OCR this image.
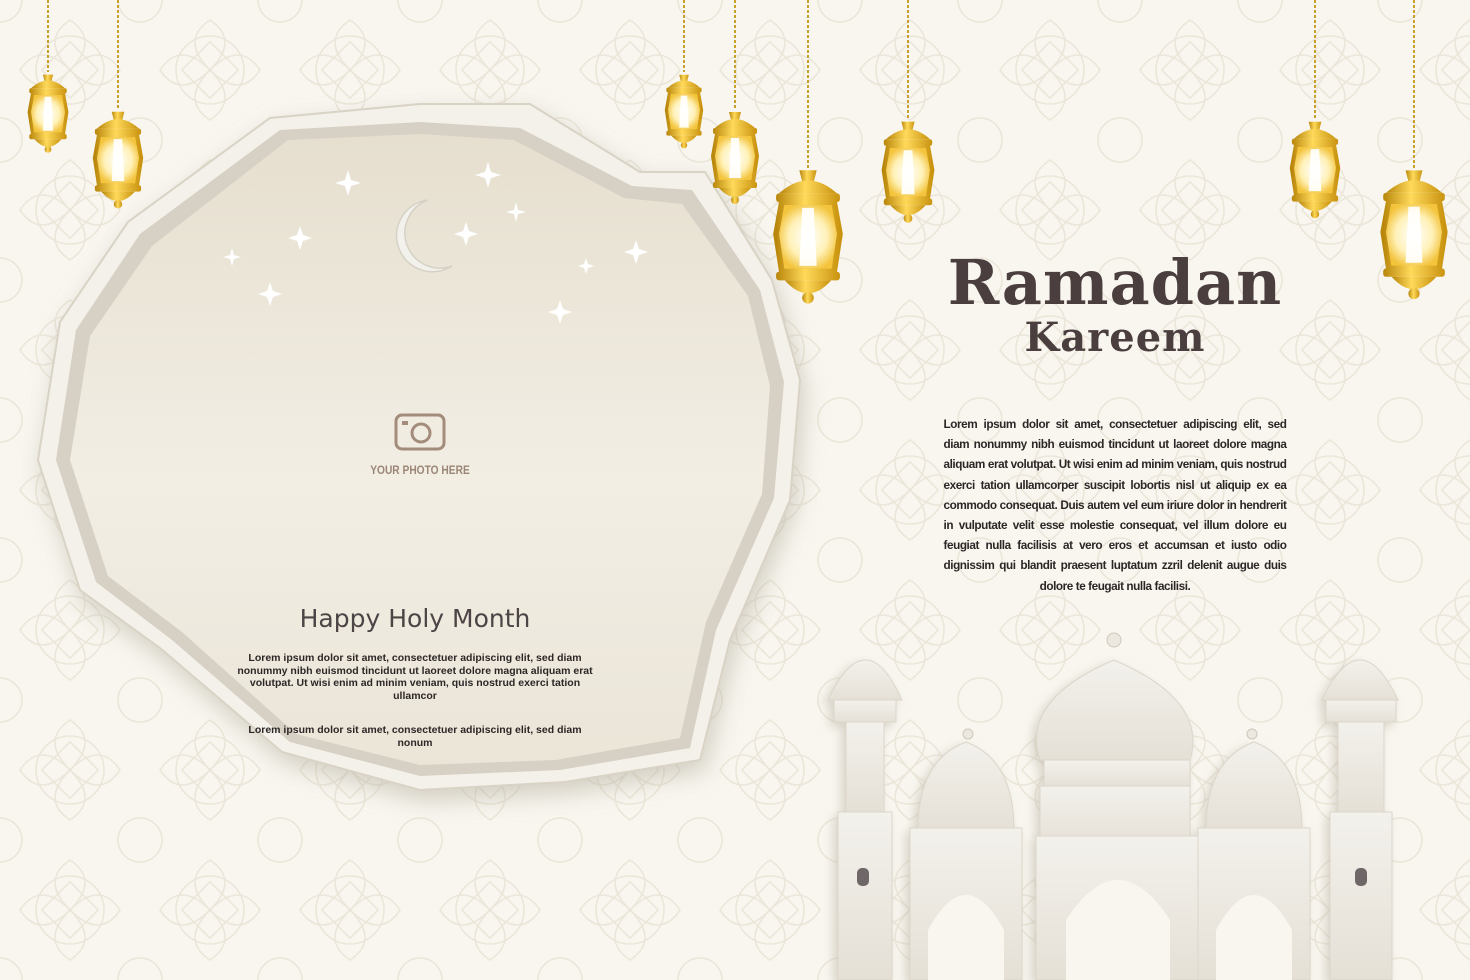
YOUR PHOTO HERE
Happy Holy Month
Lorem ipsum dolor sit amet, consectetuer adipiscing elit, sed diam nonummy nibh euismod tincidunt ut laoreet dolore magna aliquam erat volutpat. Ut wisi enim ad minim veniam, quis nostrud exerci tation ullamcor
Lorem ipsum dolor sit amet, consectetuer adipiscing elit, sed diam nonum
Ramadan
Kareem
Lorem ipsum dolor sit amet, consectetuer adipiscing elit, sed diam nonummy nibh euismod tincidunt ut laoreet dolore magna aliquam erat volutpat. Ut wisi enim ad minim veniam, quis nostrud exerci tation ullamcorper suscipit lobortis nisl ut aliquip ex ea commodo consequat. Duis autem vel eum iriure dolor in hendrerit in vulputate velit esse molestie consequat, vel illum dolore eu feugiat nulla facilisis at vero eros et accumsan et iusto odio dignissim qui blandit praesent luptatum zzril delenit augue duis dolore te feugait nulla facilisi.
